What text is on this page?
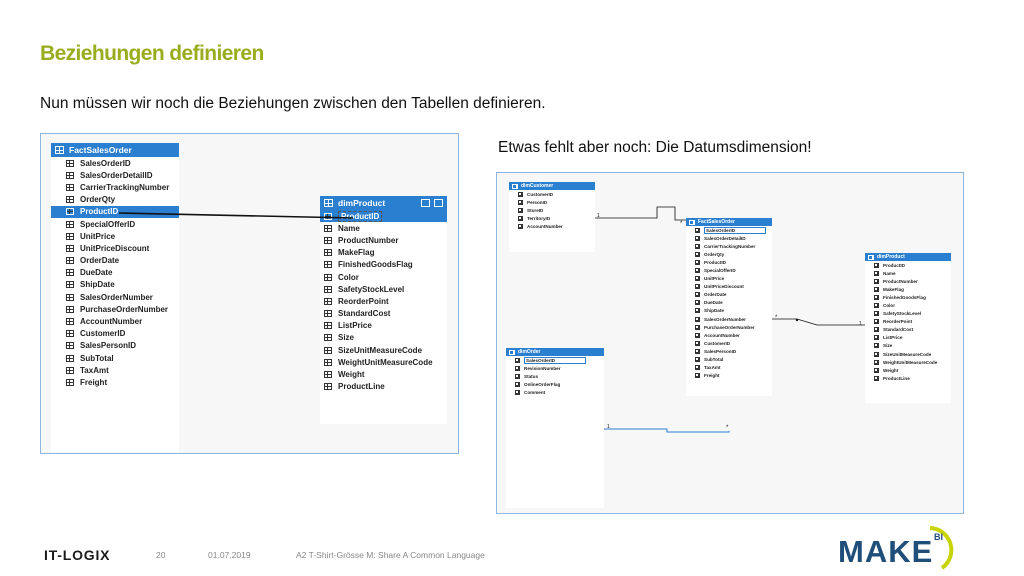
Beziehungen definieren
Nun müssen wir noch die Beziehungen zwischen den Tabellen definieren.
Etwas fehlt aber noch: Die Datumsdimension!
FactSalesOrder
SalesOrderID
SalesOrderDetailID
CarrierTrackingNumber
OrderQty
ProductID
SpecialOfferID
UnitPrice
UnitPriceDiscount
OrderDate
DueDate
ShipDate
SalesOrderNumber
PurchaseOrderNumber
AccountNumber
CustomerID
SalesPersonID
SubTotal
TaxAmt
Freight
dimProduct
ProductID
Name
ProductNumber
MakeFlag
FinishedGoodsFlag
Color
SafetyStockLevel
ReorderPoint
StandardCost
ListPrice
Size
SizeUnitMeasureCode
WeightUnitMeasureCode
Weight
ProductLine
1
*
*
1
1	*
dimCustomer
CustomerID
PersonID
StoreID
TerritoryID
AccountNumber
FactSalesOrder
SalesOrderID
SalesOrderDetailID
CarrierTrackingNumber
OrderQty
ProductID
SpecialOfferID
UnitPrice
UnitPriceDiscount
OrderDate
DueDate
ShipDate
SalesOrderNumber
PurchaseOrderNumber
AccountNumber
CustomerID
SalesPersonID
SubTotal
TaxAmt
Freight
dimProduct
ProductID
Name
ProductNumber
MakeFlag
FinishedGoodsFlag
Color
SafetyStockLevel
ReorderPoint
StandardCost
ListPrice
Size
SizeUnitMeasureCode
WeightUnitMeasureCode
Weight
ProductLine
dimOrder
SalesOrderID
RevisionNumber
Status
OnlineOrderFlag
Comment
IT-LOGIX	20	01.07.2019	A2 T-Shirt-Grösse M: Share A Common Language	MAKE BI
